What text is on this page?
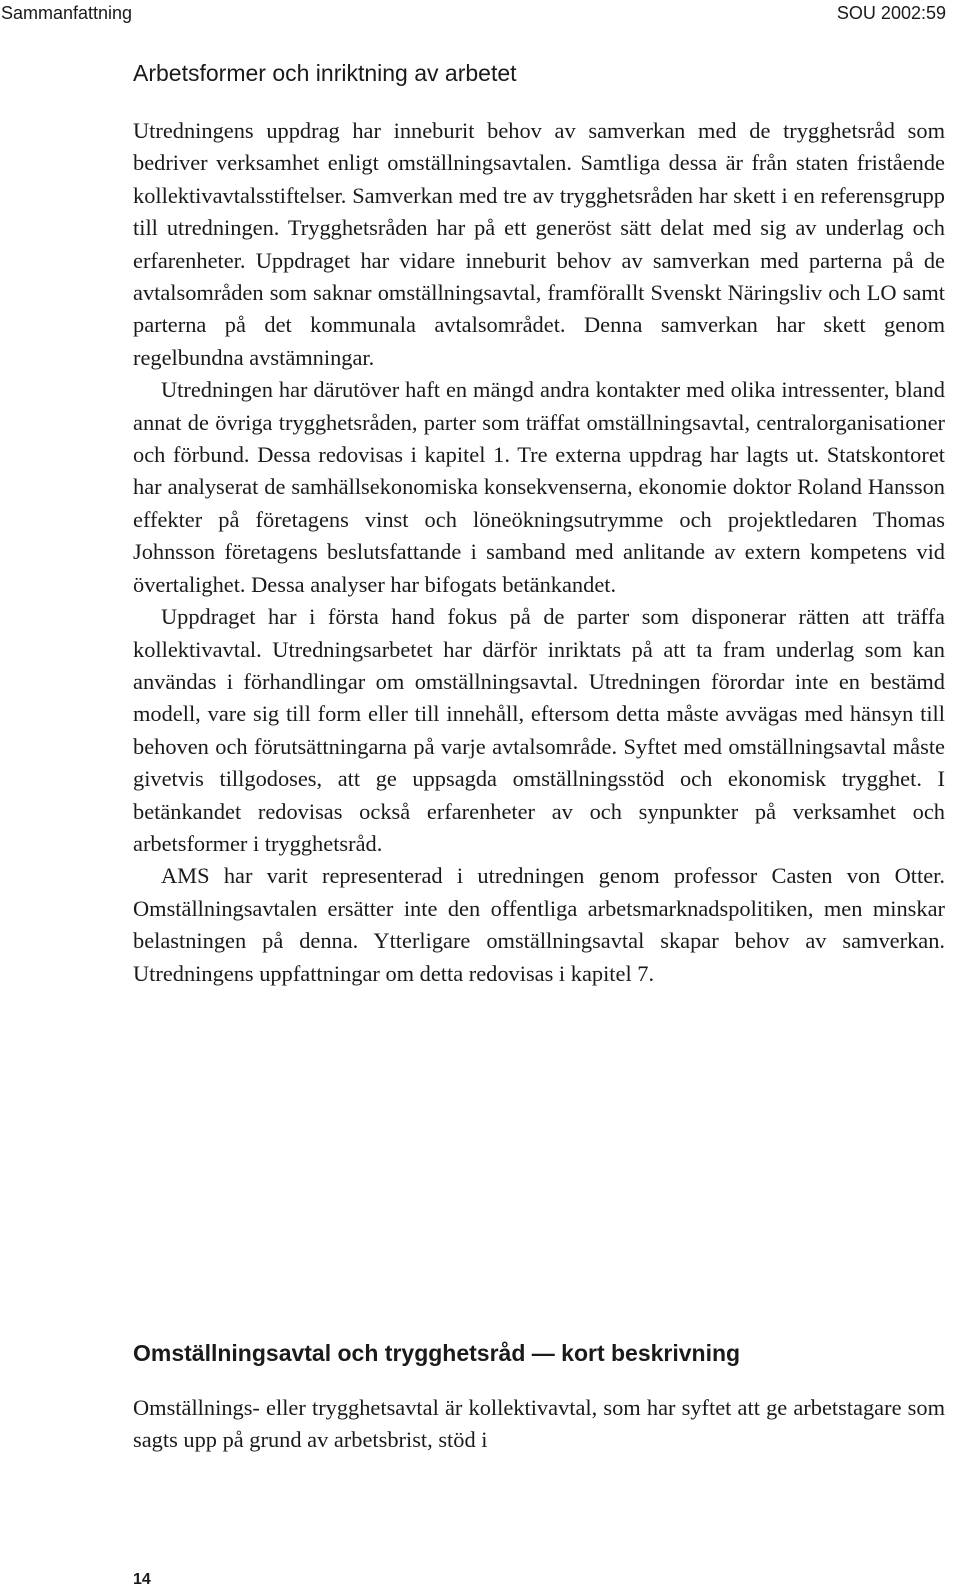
Sammanfattning	SOU 2002:59
Arbetsformer och inriktning av arbetet

Utredningens uppdrag har inneburit behov av samverkan med de trygghetsråd som bedriver verksamhet enligt omställningsavtalen. Samtliga dessa är från staten fristående kollektivavtalsstiftelser. Samverkan med tre av trygghetsråden har skett i en referensgrupp till utredningen. Trygghetsråden har på ett generöst sätt delat med sig av underlag och erfarenheter. Uppdraget har vidare inneburit behov av samverkan med parterna på de avtalsområden som saknar omställningsavtal, framförallt Svenskt Näringsliv och LO samt parterna på det kommunala avtalsområdet. Denna samverkan har skett genom regelbundna avstämningar.

Utredningen har därutöver haft en mängd andra kontakter med olika intressenter, bland annat de övriga trygghetsråden, parter som träffat omställningsavtal, centralorganisationer och förbund. Dessa redovisas i kapitel 1. Tre externa uppdrag har lagts ut. Statskontoret har analyserat de samhällsekonomiska konsekvenserna, ekonomie doktor Roland Hansson effekter på företagens vinst och löneökningsutrymme och projektledaren Thomas Johnsson företagens beslutsfattande i samband med anlitande av extern kompetens vid övertalighet. Dessa analyser har bifogats betänkandet.

Uppdraget har i första hand fokus på de parter som disponerar rätten att träffa kollektivavtal. Utredningsarbetet har därför inriktats på att ta fram underlag som kan användas i förhandlingar om omställningsavtal. Utredningen förordar inte en bestämd modell, vare sig till form eller till innehåll, eftersom detta måste avvägas med hänsyn till behoven och förutsättningarna på varje avtalsområde. Syftet med omställningsavtal måste givetvis tillgodoses, att ge uppsagda omställningsstöd och ekonomisk trygghet. I betänkandet redovisas också erfarenheter av och synpunkter på verksamhet och arbetsformer i trygghetsråd.

AMS har varit representerad i utredningen genom professor Casten von Otter. Omställningsavtalen ersätter inte den offentliga arbetsmarknadspolitiken, men minskar belastningen på denna. Ytterligare omställningsavtal skapar behov av samverkan. Utredningens uppfattningar om detta redovisas i kapitel 7.

Omställningsavtal och trygghetsråd — kort beskrivning

Omställnings- eller trygghetsavtal är kollektivavtal, som har syftet att ge arbetstagare som sagts upp på grund av arbetsbrist, stöd i

14
